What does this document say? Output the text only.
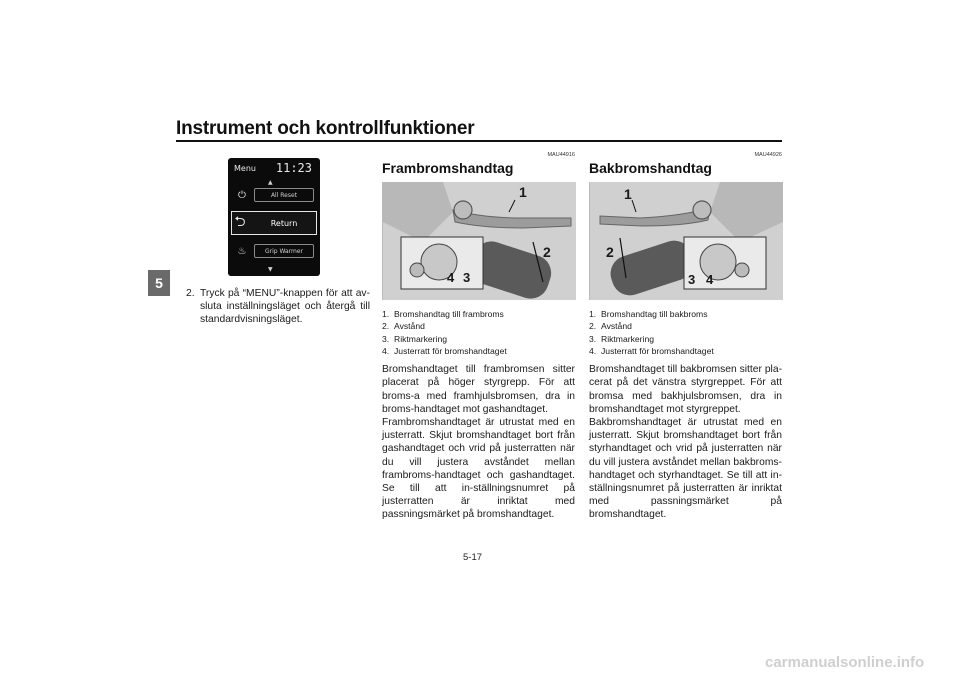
Instrument och kontrollfunktioner
5
Menu 11:23
▲
⏻	All Reset
⮌	Return
♨	Grip Warmer
▼
2. Tryck på “MENU”-knappen för att av-sluta inställningsläget och återgå till standardvisningsläget.
MAU44916
Frambromshandtag
1
2
4 3
1. Bromshandtag till frambroms
2. Avstånd
3. Riktmarkering
4. Justerratt för bromshandtaget
Bromshandtaget till frambromsen sitter placerat på höger styrgrepp. För att broms-a med framhjulsbromsen, dra in broms-handtaget mot gashandtaget.
Frambromshandtaget är utrustat med en justerratt. Skjut bromshandtaget bort från gashandtaget och vrid på justerratten när du vill justera avståndet mellan frambroms-handtaget och gashandtaget. Se till att in-ställningsnumret på justerratten är inriktat med passningsmärket på bromshandtaget.
MAU44926
Bakbromshandtag
1
2
3 4
1. Bromshandtag till bakbroms
2. Avstånd
3. Riktmarkering
4. Justerratt för bromshandtaget
Bromshandtaget till bakbromsen sitter pla-cerat på det vänstra styrgreppet. För att bromsa med bakhjulsbromsen, dra in bromshandtaget mot styrgreppet.
Bakbromshandtaget är utrustat med en justerratt. Skjut bromshandtaget bort från styrhandtaget och vrid på justerratten när du vill justera avståndet mellan bakbroms-handtaget och styrhandtaget. Se till att in-ställningsnumret på justerratten är inriktat med passningsmärket på bromshandtaget.
5-17
carmanualsonline.info
